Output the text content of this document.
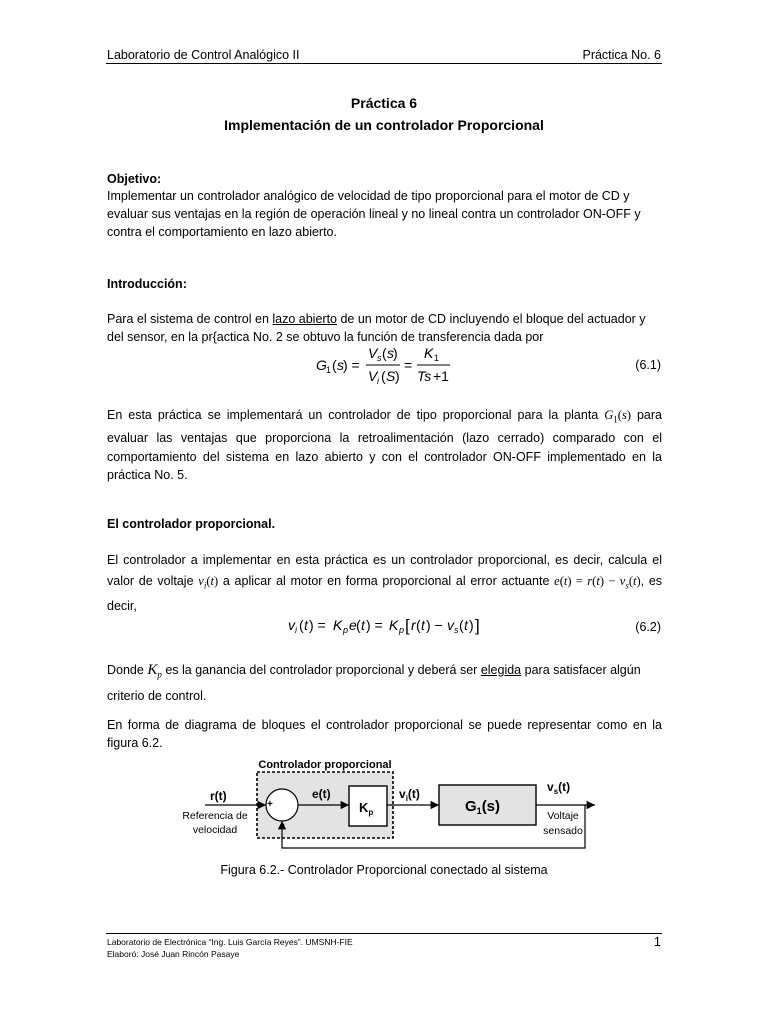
Laboratorio de Control Analógico II	Práctica No. 6
Práctica 6
Implementación de un controlador Proporcional
Objetivo:
Implementar un controlador analógico de velocidad de tipo proporcional para el motor de CD y evaluar sus ventajas en la región de operación lineal y no lineal contra un controlador ON-OFF y contra el comportamiento en lazo abierto.
Introducción:
Para el sistema de control en lazo abierto de un motor de CD incluyendo el bloque del actuador y del sensor, en la pr{actica No. 2 se obtuvo la función de transferencia dada por
G 1 ( s ) =
V s ( s )
V i ( S )
=
K 1
Ts +1
(6.1)
En esta práctica se implementará un controlador de tipo proporcional para la planta $G_1(s)$ para evaluar las ventajas que proporciona la retroalimentación (lazo cerrado) comparado con el comportamiento del sistema en lazo abierto y con el controlador ON-OFF implementado en la práctica No. 5.
El controlador proporcional.
El controlador a implementar en esta práctica es un controlador proporcional, es decir, calcula el valor de voltaje $v_i(t)$ a aplicar al motor en forma proporcional al error actuante $e(t) = r(t) - v_s(t)$, es decir,
v i ( t ) = K p e ( t ) = K p [ r ( t ) − v s ( t ) ]	(6.2)
Donde $K_p$ es la ganancia del controlador proporcional y deberá ser elegida para satisfacer algún criterio de control.
En forma de diagrama de bloques el controlador proporcional se puede representar como en la figura 6.2.
Controlador proporcional
r(t)
Referencia de
velocidad
+
-
e(t)
$K_p$
$v_i(t)$
$G_1(s)$
$v_s(t)$
Voltaje
sensado
Figura 6.2.- Controlador Proporcional conectado al sistema
Laboratorio de Electrónica “Ing. Luis García Reyes”. UMSNH-FIE
Elaboró: José Juan Rincón Pasaye
1
